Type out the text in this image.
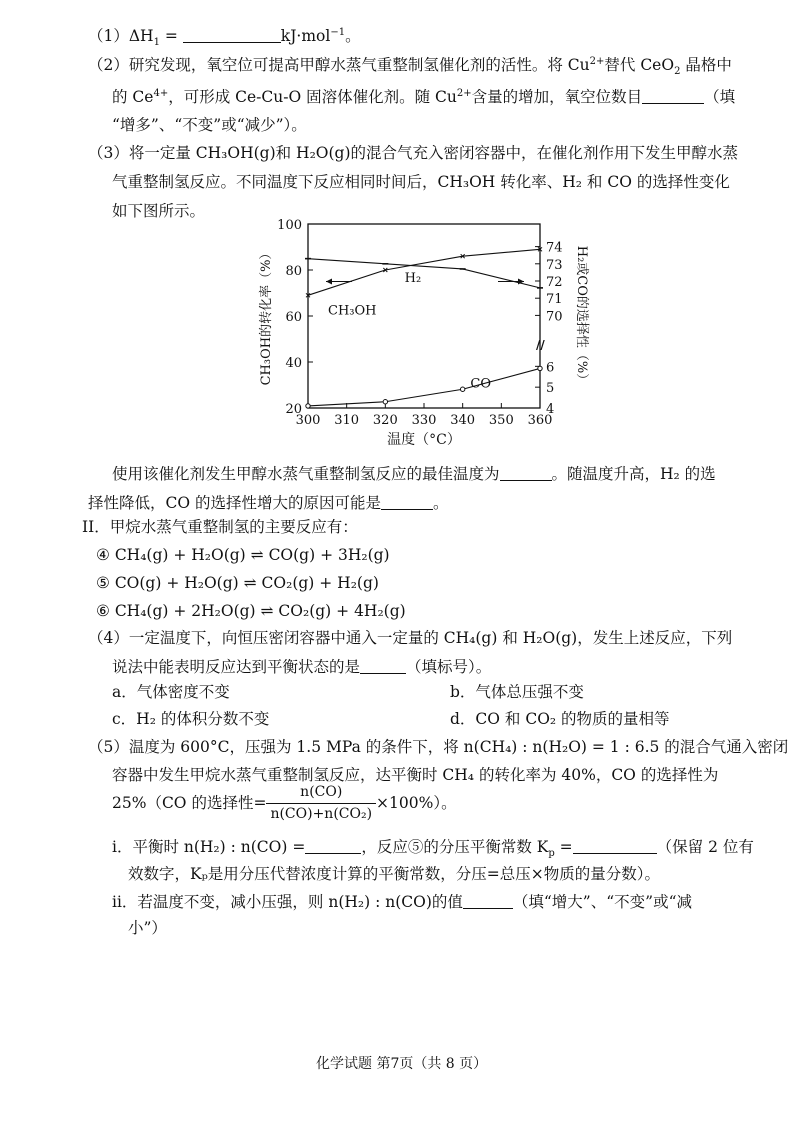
$(1)\Delta H_1$ =	kJ·mol$^{-1}$。
（2）研究发现，氧空位可提高甲醇水蒸气重整制氢催化剂的活性。将 $Cu^{2+}$替代 CeO$_2$ 晶格中
的 $Ce^{4+}$，可形成 Ce-Cu-O 固溶体催化剂。随 $Cu^{2+}$含量的增加，氧空位数目	（填
“增多”、“不变”或“减少”）。
（3）将一定量 CH₃OH(g)和 H₂O(g)的混合气充入密闭容器中，在催化剂作用下发生甲醇水蒸
气重整制氢反应。不同温度下反应相同时间后，CH₃OH 转化率、H₂ 和 CO 的选择性变化
如下图所示。
300 310 320 330 340 350 360
温度（°C）
20
40
60
80
100
CH₃OH的转化率（%）	70
71
72
73
74
4
5
6
// H₂或CO的选择性（%）
CH₃OH
H₂
CO
使用该催化剂发生甲醇水蒸气重整制氢反应的最佳温度为	。随温度升高，H₂ 的选
择性降低，CO 的选择性增大的原因可能是	。
II．甲烷水蒸气重整制氢的主要反应有：
④ CH₄(g) + H₂O(g) ⇌ CO(g) + 3H₂(g)
⑤ CO(g) + H₂O(g) ⇌ CO₂(g) + H₂(g)
⑥ CH₄(g) + 2H₂O(g) ⇌ CO₂(g) + 4H₂(g)
（4）一定温度下，向恒压密闭容器中通入一定量的 CH₄(g) 和 H₂O(g)，发生上述反应，下列
说法中能表明反应达到平衡状态的是	（填标号）。
a．气体密度不变	b．气体总压强不变
c．H₂ 的体积分数不变	d．CO 和 CO₂ 的物质的量相等
（5）温度为 600°C，压强为 1.5 MPa 的条件下，将 n(CH₄) : n(H₂O) = 1 : 6.5 的混合气通入密闭
容器中发生甲烷水蒸气重整制氢反应，达平衡时 CH₄ 的转化率为 40%，CO 的选择性为
25%（CO 的选择性= $\frac{n(CO)}{\text{n(CO)+n(CO₂)}} \times 100\%$）。
ⅰ．平衡时 n(H₂) : n(CO) =	，反应⑤的分压平衡常数 $K_p$ =	（保留 2 位有
效数字，Kₚ是用分压代替浓度计算的平衡常数，分压=总压×物质的量分数）。
ⅱ．若温度不变，减小压强，则 n(H₂) : n(CO)的值	（填“增大”、“不变”或“减
小”）
化学试题 第7页（共 8 页）
